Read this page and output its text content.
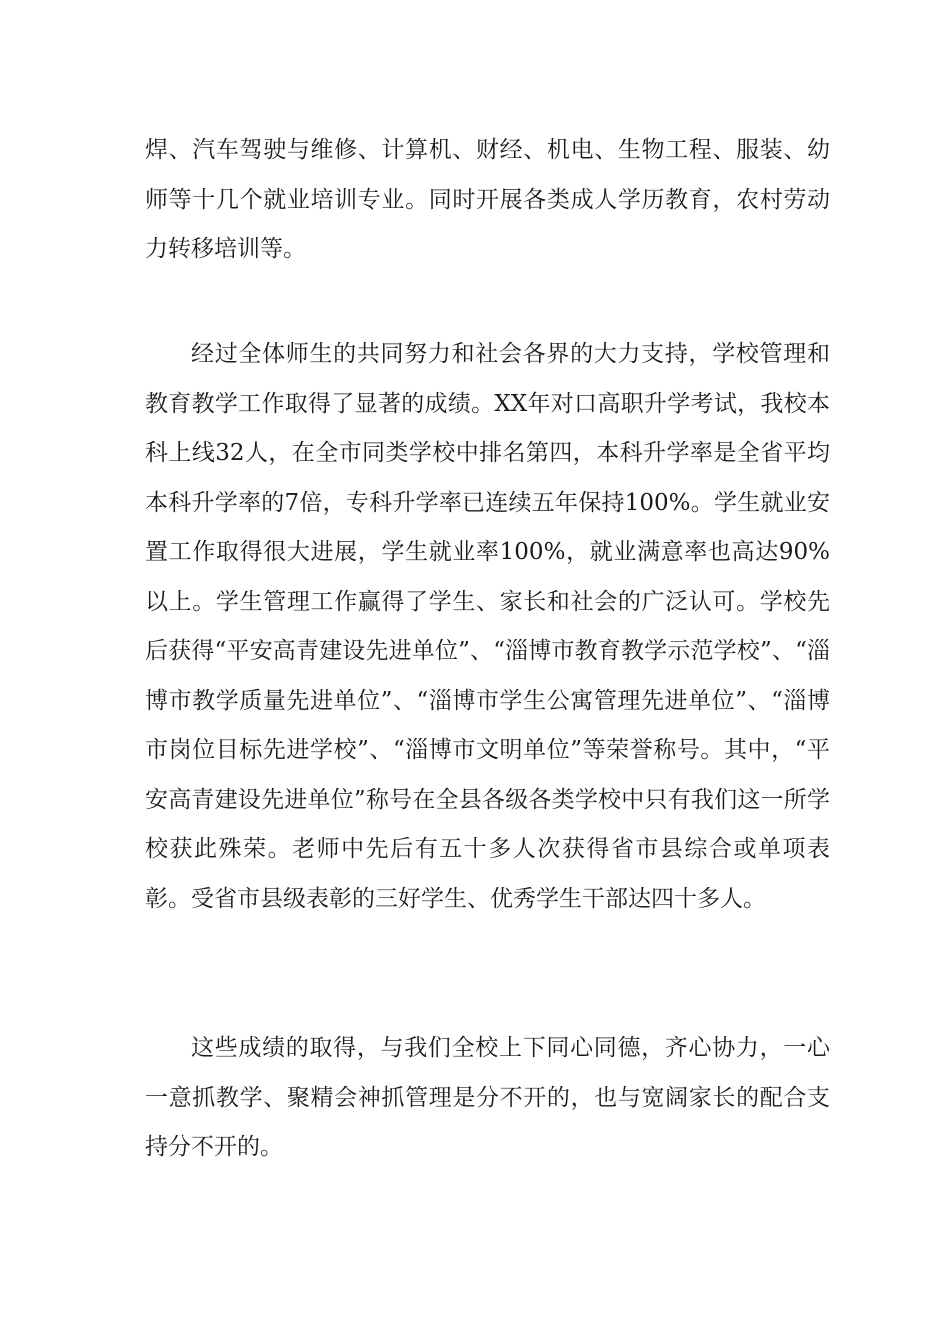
焊、汽车驾驶与维修、计算机、财经、机电、生物工程、服装、幼师等十几个就业培训专业。同时开展各类成人学历教育，农村劳动力转移培训等。

经过全体师生的共同努力和社会各界的大力支持，学校管理和教育教学工作取得了显著的成绩。XX年对口高职升学考试，我校本科上线32人，在全市同类学校中排名第四，本科升学率是全省平均本科升学率的7倍，专科升学率已连续五年保持100%。学生就业安置工作取得很大进展，学生就业率100%，就业满意率也高达90%以上。学生管理工作赢得了学生、家长和社会的广泛认可。学校先后获得“平安高青建设先进单位”、“淄博市教育教学示范学校”、“淄博市教学质量先进单位”、“淄博市学生公寓管理先进单位”、“淄博市岗位目标先进学校”、“淄博市文明单位”等荣誉称号。其中，“平安高青建设先进单位”称号在全县各级各类学校中只有我们这一所学校获此殊荣。老师中先后有五十多人次获得省市县综合或单项表彰。受省市县级表彰的三好学生、优秀学生干部达四十多人。

这些成绩的取得，与我们全校上下同心同德，齐心协力，一心一意抓教学、聚精会神抓管理是分不开的，也与宽阔家长的配合支持分不开的。
